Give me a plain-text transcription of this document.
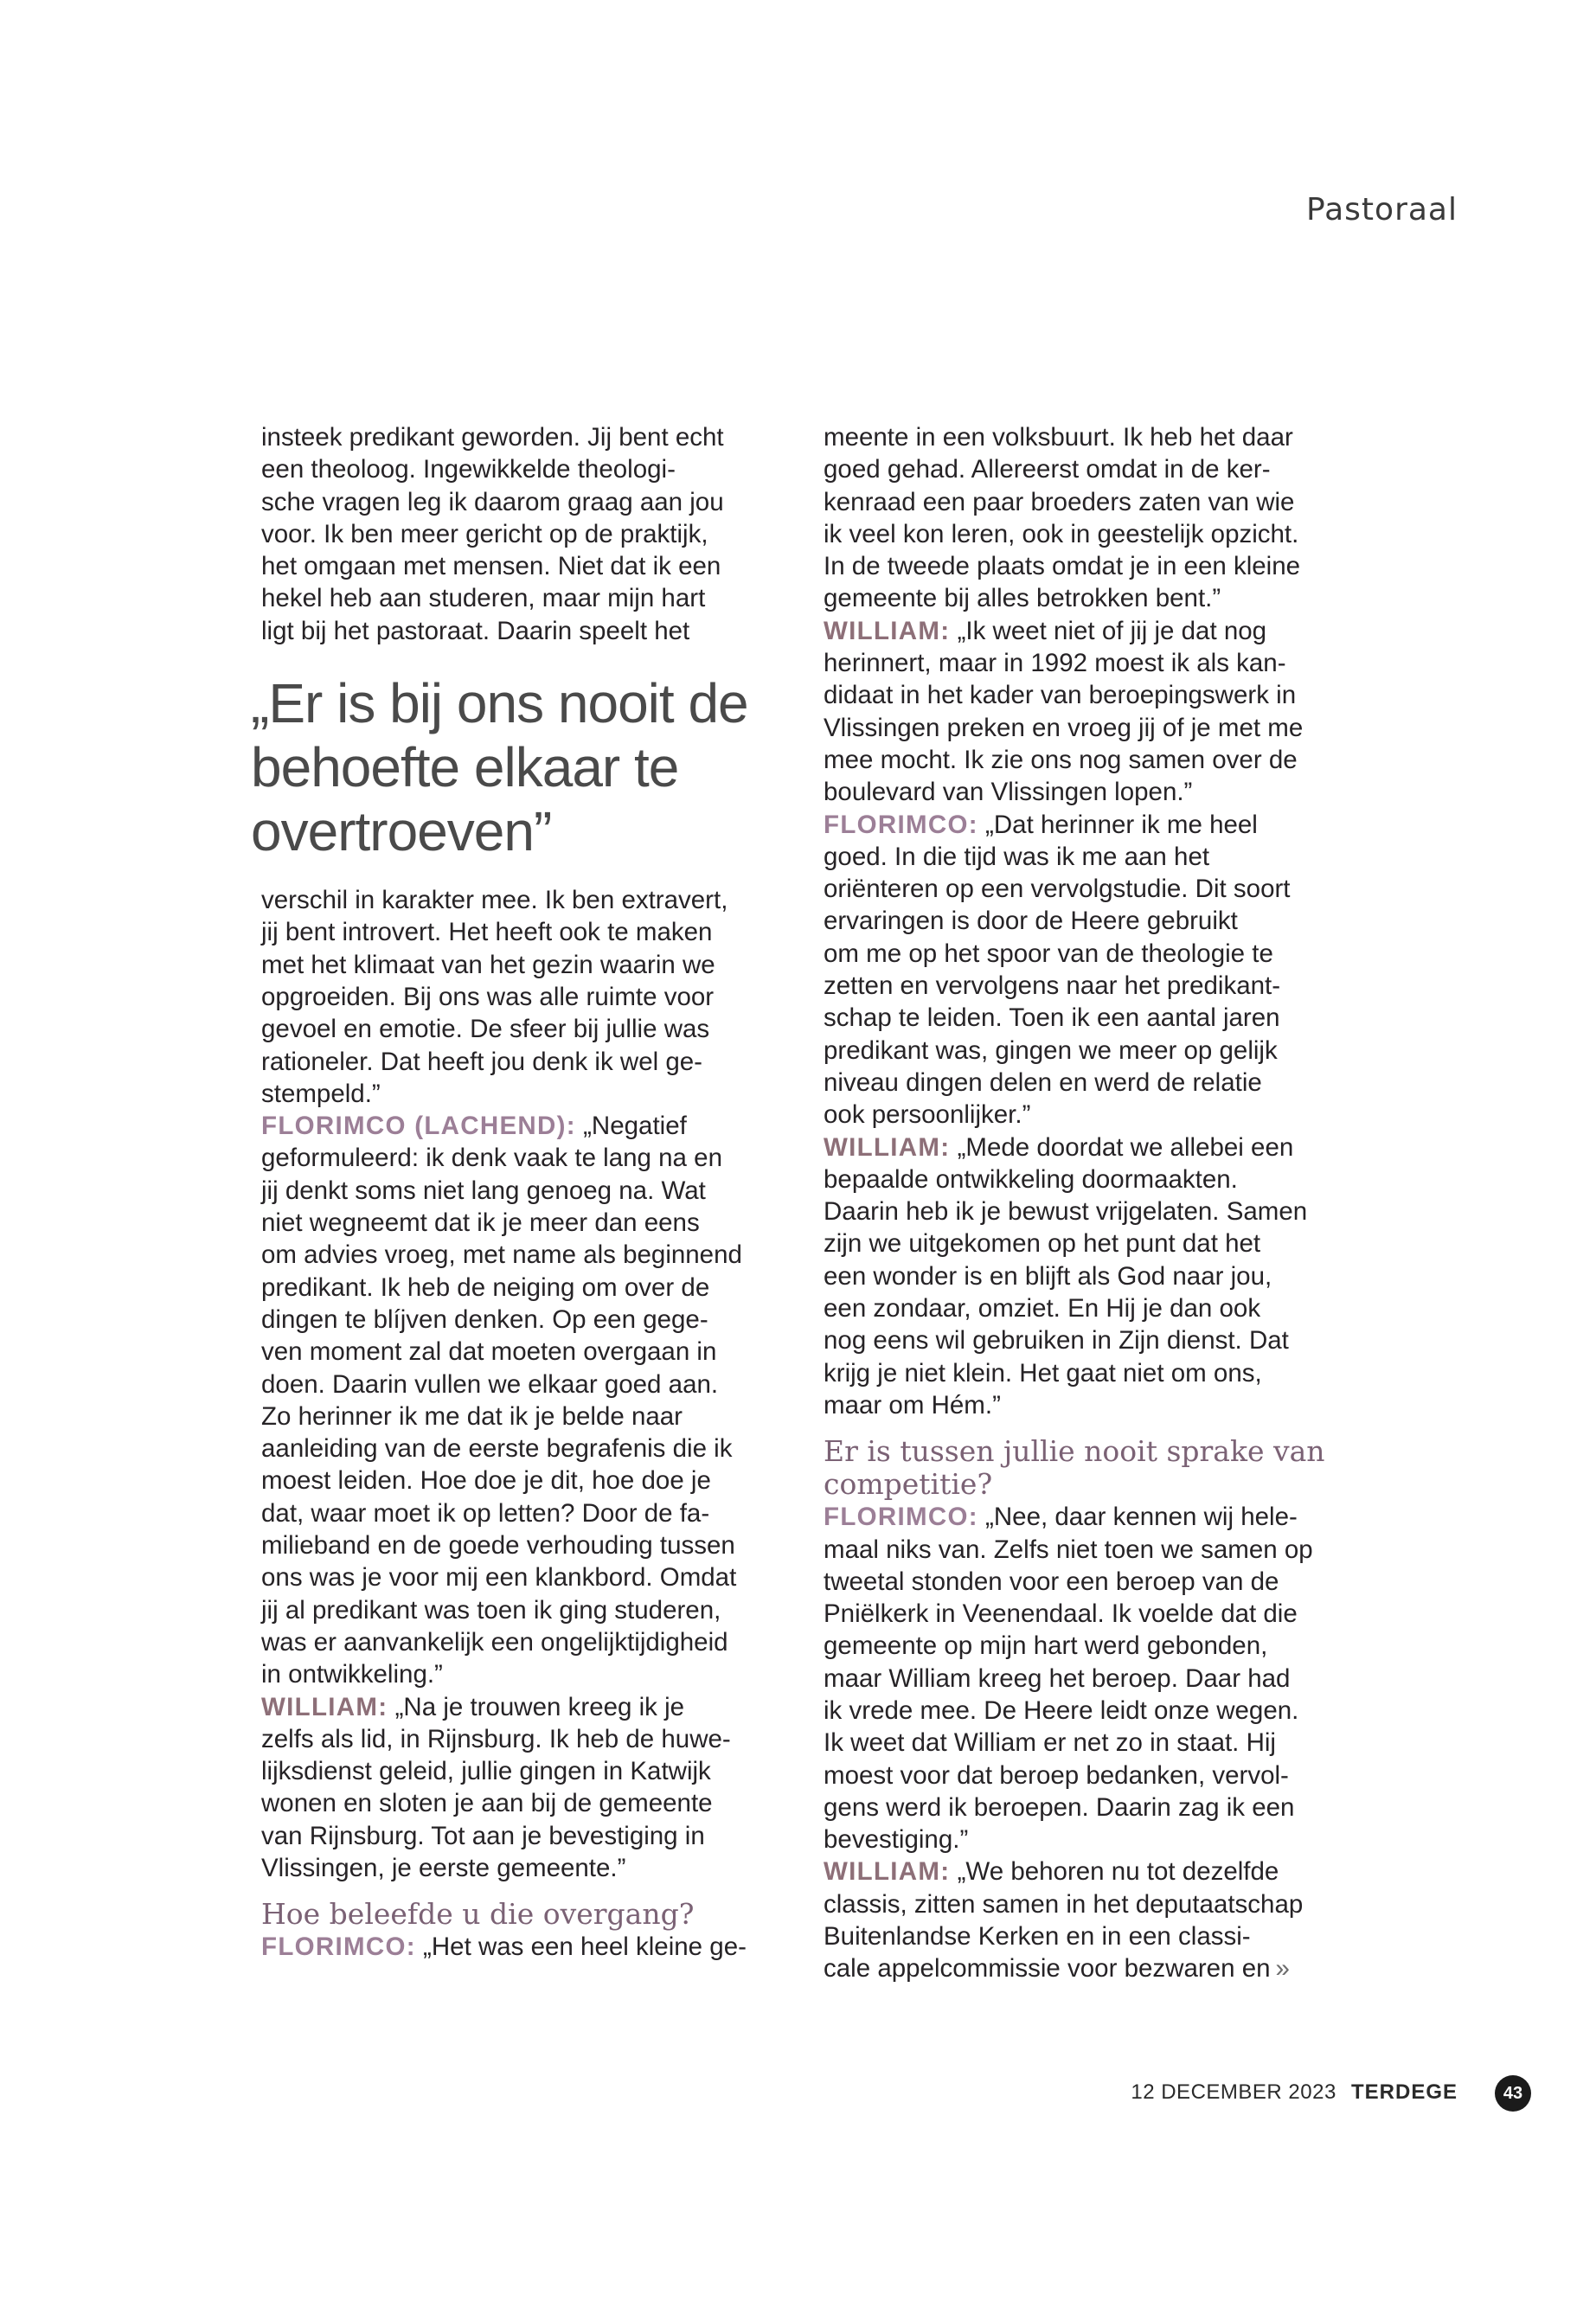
Pastoraal
insteek predikant geworden. Jij bent echt
een theoloog. Ingewikkelde theologi-
sche vragen leg ik daarom graag aan jou
voor. Ik ben meer gericht op de praktijk,
het omgaan met mensen. Niet dat ik een
hekel heb aan studeren, maar mijn hart
ligt bij het pastoraat. Daarin speelt het
„Er is bij ons nooit de
behoefte elkaar te
overtroeven”
verschil in karakter mee. Ik ben extravert,
jij bent introvert. Het heeft ook te maken
met het klimaat van het gezin waarin we
opgroeiden. Bij ons was alle ruimte voor
gevoel en emotie. De sfeer bij jullie was
rationeler. Dat heeft jou denk ik wel ge-
stempeld.”
FLORIMCO (LACHEND): „Negatief
geformuleerd: ik denk vaak te lang na en
jij denkt soms niet lang genoeg na. Wat
niet wegneemt dat ik je meer dan eens
om advies vroeg, met name als beginnend
predikant. Ik heb de neiging om over de
dingen te blíjven denken. Op een gege-
ven moment zal dat moeten overgaan in
doen. Daarin vullen we elkaar goed aan.
Zo herinner ik me dat ik je belde naar
aanleiding van de eerste begrafenis die ik
moest leiden. Hoe doe je dit, hoe doe je
dat, waar moet ik op letten? Door de fa-
milieband en de goede verhouding tussen
ons was je voor mij een klankbord. Omdat
jij al predikant was toen ik ging studeren,
was er aanvankelijk een ongelijktijdigheid
in ontwikkeling.”
WILLIAM: „Na je trouwen kreeg ik je
zelfs als lid, in Rijnsburg. Ik heb de huwe-
lijksdienst geleid, jullie gingen in Katwijk
wonen en sloten je aan bij de gemeente
van Rijnsburg. Tot aan je bevestiging in
Vlissingen, je eerste gemeente.”
Hoe beleefde u die overgang?
FLORIMCO: „Het was een heel kleine ge-
meente in een volksbuurt. Ik heb het daar
goed gehad. Allereerst omdat in de ker-
kenraad een paar broeders zaten van wie
ik veel kon leren, ook in geestelijk opzicht.
In de tweede plaats omdat je in een kleine
gemeente bij alles betrokken bent.”
WILLIAM: „Ik weet niet of jij je dat nog
herinnert, maar in 1992 moest ik als kan-
didaat in het kader van beroepingswerk in
Vlissingen preken en vroeg jij of je met me
mee mocht. Ik zie ons nog samen over de
boulevard van Vlissingen lopen.”
FLORIMCO: „Dat herinner ik me heel
goed. In die tijd was ik me aan het
oriënteren op een vervolgstudie. Dit soort
ervaringen is door de Heere gebruikt
om me op het spoor van de theologie te
zetten en vervolgens naar het predikant-
schap te leiden. Toen ik een aantal jaren
predikant was, gingen we meer op gelijk
niveau dingen delen en werd de relatie
ook persoonlijker.”
WILLIAM: „Mede doordat we allebei een
bepaalde ontwikkeling doormaakten.
Daarin heb ik je bewust vrijgelaten. Samen
zijn we uitgekomen op het punt dat het
een wonder is en blijft als God naar jou,
een zondaar, omziet. En Hij je dan ook
nog eens wil gebruiken in Zijn dienst. Dat
krijg je niet klein. Het gaat niet om ons,
maar om Hém.”
Er is tussen jullie nooit sprake van
competitie?
FLORIMCO: „Nee, daar kennen wij hele-
maal niks van. Zelfs niet toen we samen op
tweetal stonden voor een beroep van de
Pniëlkerk in Veenendaal. Ik voelde dat die
gemeente op mijn hart werd gebonden,
maar William kreeg het beroep. Daar had
ik vrede mee. De Heere leidt onze wegen.
Ik weet dat William er net zo in staat. Hij
moest voor dat beroep bedanken, vervol-
gens werd ik beroepen. Daarin zag ik een
bevestiging.”
WILLIAM: „We behoren nu tot dezelfde
classis, zitten samen in het deputaatschap
Buitenlandse Kerken en in een classi-
cale appelcommissie voor bezwaren en »
12 DECEMBER 2023 TERDEGE	43
